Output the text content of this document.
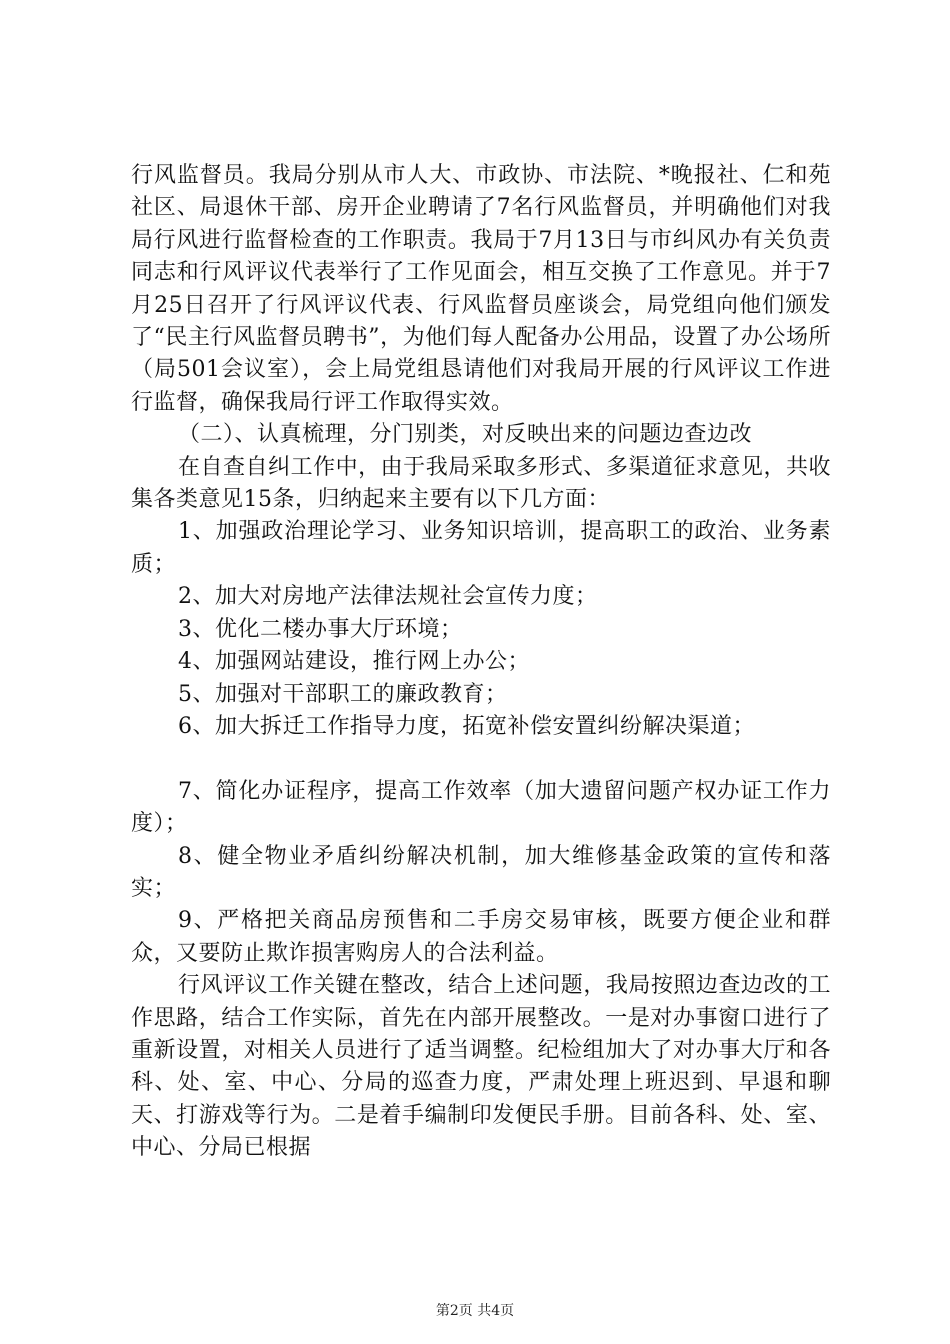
行风监督员。我局分别从市人大、市政协、市法院、*晚报社、仁和苑社区、局退休干部、房开企业聘请了7名行风监督员，并明确他们对我局行风进行监督检查的工作职责。我局于7月13日与市纠风办有关负责同志和行风评议代表举行了工作见面会，相互交换了工作意见。并于7月25日召开了行风评议代表、行风监督员座谈会，局党组向他们颁发了“民主行风监督员聘书”，为他们每人配备办公用品，设置了办公场所（局501会议室），会上局党组恳请他们对我局开展的行风评议工作进行监督，确保我局行评工作取得实效。

（二）、认真梳理，分门别类，对反映出来的问题边查边改

在自查自纠工作中，由于我局采取多形式、多渠道征求意见，共收集各类意见15条，归纳起来主要有以下几方面：

1、加强政治理论学习、业务知识培训，提高职工的政治、业务素质；

2、加大对房地产法律法规社会宣传力度；

3、优化二楼办事大厅环境；

4、加强网站建设，推行网上办公；

5、加强对干部职工的廉政教育；

6、加大拆迁工作指导力度，拓宽补偿安置纠纷解决渠道；

7、简化办证程序，提高工作效率（加大遗留问题产权办证工作力度）；

8、健全物业矛盾纠纷解决机制，加大维修基金政策的宣传和落实；

9、严格把关商品房预售和二手房交易审核，既要方便企业和群众，又要防止欺诈损害购房人的合法利益。

行风评议工作关键在整改，结合上述问题，我局按照边查边改的工作思路，结合工作实际，首先在内部开展整改。一是对办事窗口进行了重新设置，对相关人员进行了适当调整。纪检组加大了对办事大厅和各科、处、室、中心、分局的巡查力度，严肃处理上班迟到、早退和聊天、打游戏等行为。二是着手编制印发便民手册。目前各科、处、室、中心、分局已根据

第2页 共4页
